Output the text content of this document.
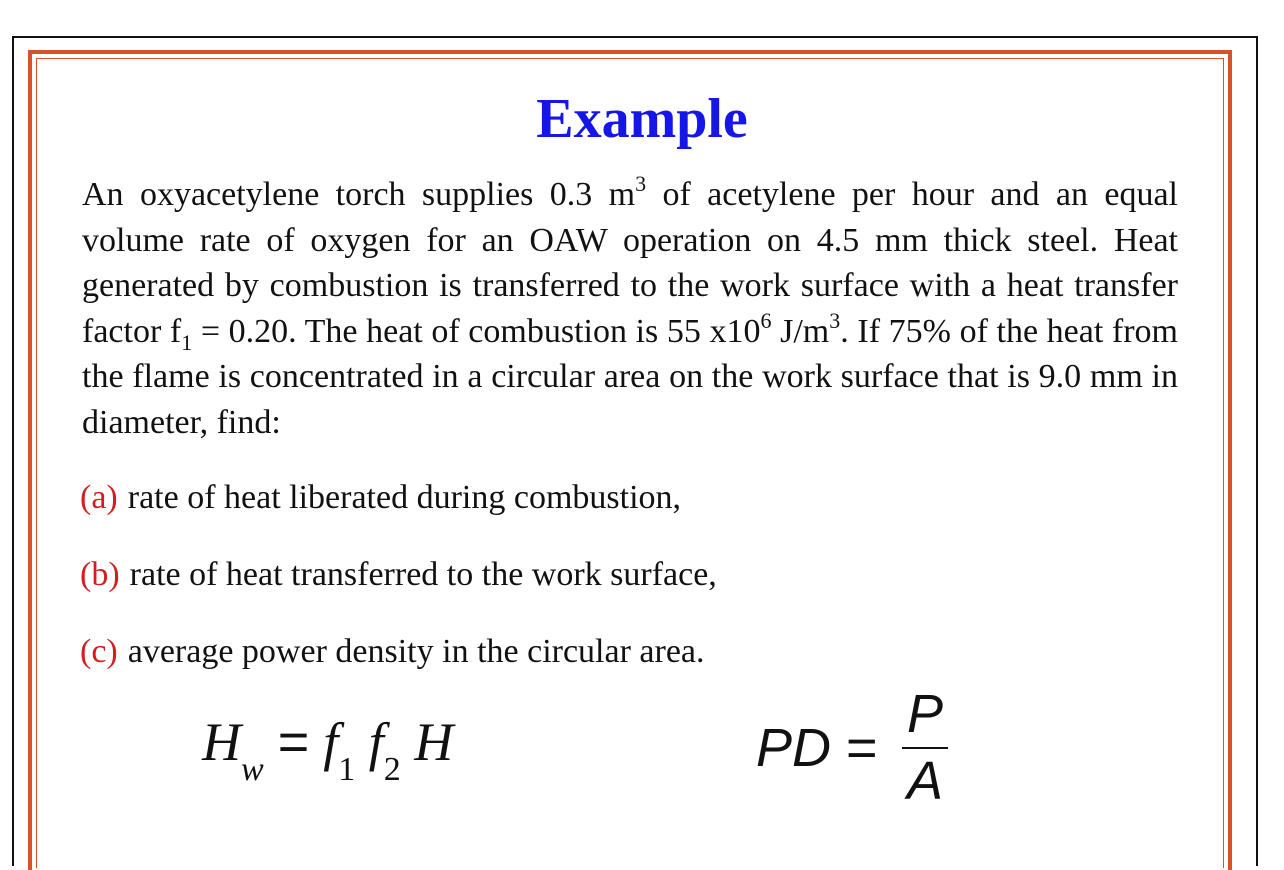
Example

An oxyacetylene torch supplies 0.3 $m^3$ of acetylene per hour and an equal volume rate of oxygen for an OAW operation on 4.5 mm thick steel. Heat generated by combustion is transferred to the work surface with a heat transfer factor $f_1 = 0.20$. The heat of combustion is 55 $x10^6$ $J/m^3$. If 75% of the heat from the flame is concentrated in a circular area on the work surface that is 9.0 mm in diameter, find:

(a) rate of heat liberated during combustion,
(b) rate of heat transferred to the work surface,
(c) average power density in the circular area.
$H_w = f_1$ $f_2$ H	PD =
P
A
